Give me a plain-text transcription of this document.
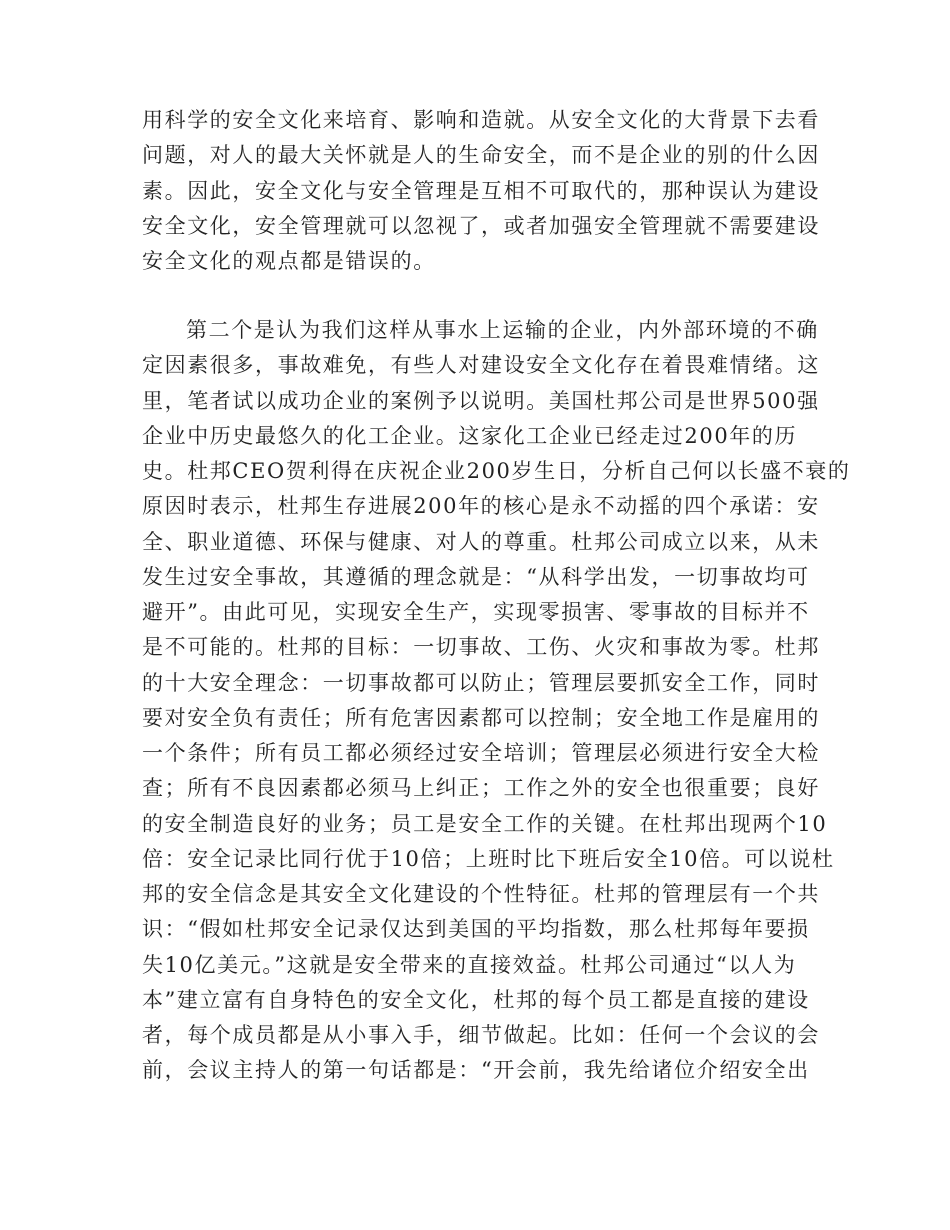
用科学的安全文化来培育、影响和造就。从安全文化的大背景下去看

问题，对人的最大关怀就是人的生命安全，而不是企业的别的什么因

素。因此，安全文化与安全管理是互相不可取代的，那种误认为建设

安全文化，安全管理就可以忽视了，或者加强安全管理就不需要建设

安全文化的观点都是错误的。

第二个是认为我们这样从事水上运输的企业，内外部环境的不确

定因素很多，事故难免，有些人对建设安全文化存在着畏难情绪。这

里，笔者试以成功企业的案例予以说明。美国杜邦公司是世界500强

企业中历史最悠久的化工企业。这家化工企业已经走过200年的历

史。杜邦CEO贺利得在庆祝企业200岁生日，分析自己何以长盛不衰的

原因时表示，杜邦生存进展200年的核心是永不动摇的四个承诺：安

全、职业道德、环保与健康、对人的尊重。杜邦公司成立以来，从未

发生过安全事故，其遵循的理念就是：“从科学出发，一切事故均可

避开”。由此可见，实现安全生产，实现零损害、零事故的目标并不

是不可能的。杜邦的目标：一切事故、工伤、火灾和事故为零。杜邦

的十大安全理念：一切事故都可以防止；管理层要抓安全工作，同时

要对安全负有责任；所有危害因素都可以控制；安全地工作是雇用的

一个条件；所有员工都必须经过安全培训；管理层必须进行安全大检

查；所有不良因素都必须马上纠正；工作之外的安全也很重要；良好

的安全制造良好的业务；员工是安全工作的关键。在杜邦出现两个10

倍：安全记录比同行优于10倍；上班时比下班后安全10倍。可以说杜

邦的安全信念是其安全文化建设的个性特征。杜邦的管理层有一个共

识：“假如杜邦安全记录仅达到美国的平均指数，那么杜邦每年要损

失10亿美元。”这就是安全带来的直接效益。杜邦公司通过“以人为

本”建立富有自身特色的安全文化，杜邦的每个员工都是直接的建设

者，每个成员都是从小事入手，细节做起。比如：任何一个会议的会

前，会议主持人的第一句话都是：“开会前，我先给诸位介绍安全出
